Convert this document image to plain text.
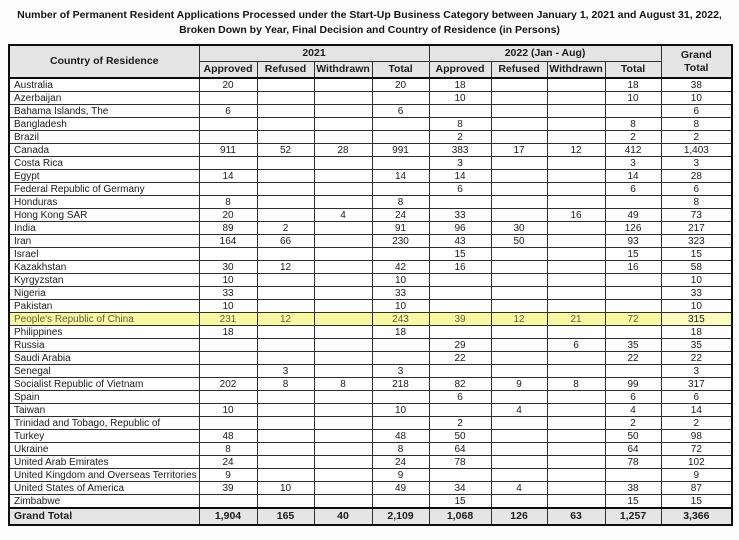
Number of Permanent Resident Applications Processed under the Start-Up Business Category between January 1, 2021 and August 31, 2022,
Broken Down by Year, Final Decision and Country of Residence (in Persons)
Country of Residence	2021				2022 (Jan - Aug)				Grand Total

	Approved	Refused	Withdrawn	Total	Approved	Refused	Withdrawn	Total	
Australia	20			20	18			18	38
Azerbaijan					10			10	10
Bahama Islands, The	6			6					6
Bangladesh					8			8	8
Brazil					2			2	2
Canada	911	52	28	991	383	17	12	412	1,403
Costa Rica					3			3	3
Egypt	14			14	14			14	28
Federal Republic of Germany					6			6	6
Honduras	8			8					8
Hong Kong SAR	20		4	24	33		16	49	73
India	89	2		91	96	30		126	217
Iran	164	66		230	43	50		93	323
Israel					15			15	15
Kazakhstan	30	12		42	16			16	58
Kyrgyzstan	10			10					10
Nigeria	33			33					33
Pakistan	10			10					10
People's Republic of China	231	12		243	39	12	21	72	315
Philippines	18			18					18
Russia					29		6	35	35
Saudi Arabia					22			22	22
Senegal		3		3					3
Socialist Republic of Vietnam	202	8	8	218	82	9	8	99	317
Spain					6			6	6
Taiwan	10			10		4		4	14
Trinidad and Tobago, Republic of					2			2	2
Turkey	48			48	50			50	98
Ukraine	8			8	64			64	72
United Arab Emirates	24			24	78			78	102
United Kingdom and Overseas Territories	9			9					9
United States of America	39	10		49	34	4		38	87
Zimbabwe					15			15	15
Grand Total	1,904	165	40	2,109	1,068	126	63	1,257	3,366
